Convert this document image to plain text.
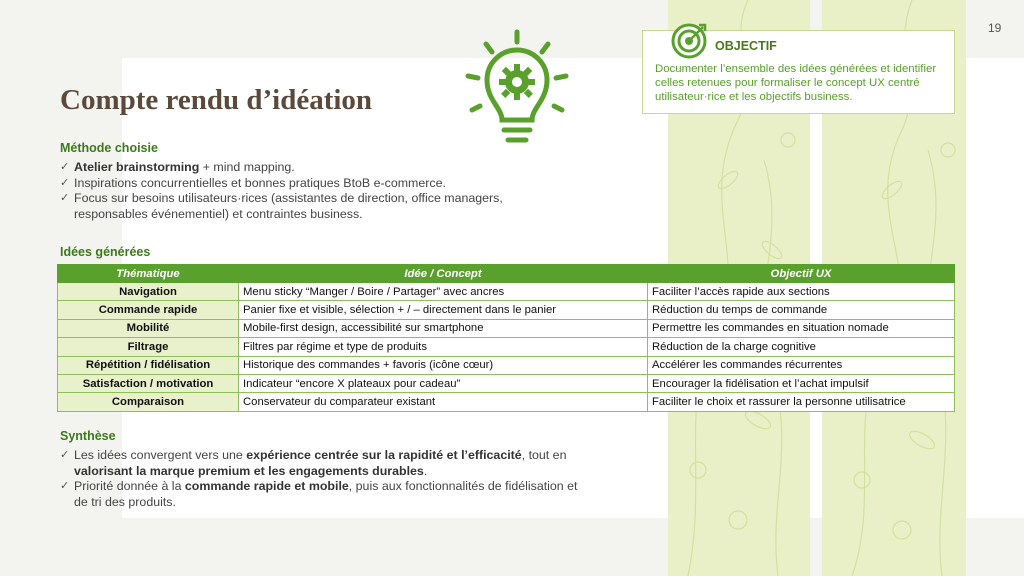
19
Compte rendu d’idéation
OBJECTIF
Documenter l’ensemble des idées générées et identifier celles retenues pour formaliser le concept UX centré utilisateur·rice et les objectifs business.
Méthode choisie
✓ Atelier brainstorming + mind mapping.
✓ Inspirations concurrentielles et bonnes pratiques BtoB e-commerce.
✓ Focus sur besoins utilisateurs·rices (assistantes de direction, office managers, responsables événementiel) et contraintes business.
Idées générées
Thématique	Idée / Concept	Objectif UX
Navigation	Menu sticky “Manger / Boire / Partager” avec ancres	Faciliter l’accès rapide aux sections
Commande rapide	Panier fixe et visible, sélection + / – directement dans le panier	Réduction du temps de commande
Mobilité	Mobile-first design, accessibilité sur smartphone	Permettre les commandes en situation nomade
Filtrage	Filtres par régime et type de produits	Réduction de la charge cognitive
Répétition / fidélisation	Historique des commandes + favoris (icône cœur)	Accélérer les commandes récurrentes
Satisfaction / motivation	Indicateur “encore X plateaux pour cadeau”	Encourager la fidélisation et l’achat impulsif
Comparaison	Conservateur du comparateur existant	Faciliter le choix et rassurer la personne utilisatrice
Synthèse
✓ Les idées convergent vers une expérience centrée sur la rapidité et l’efficacité, tout en valorisant la marque premium et les engagements durables.
✓ Priorité donnée à la commande rapide et mobile, puis aux fonctionnalités de fidélisation et de tri des produits.
